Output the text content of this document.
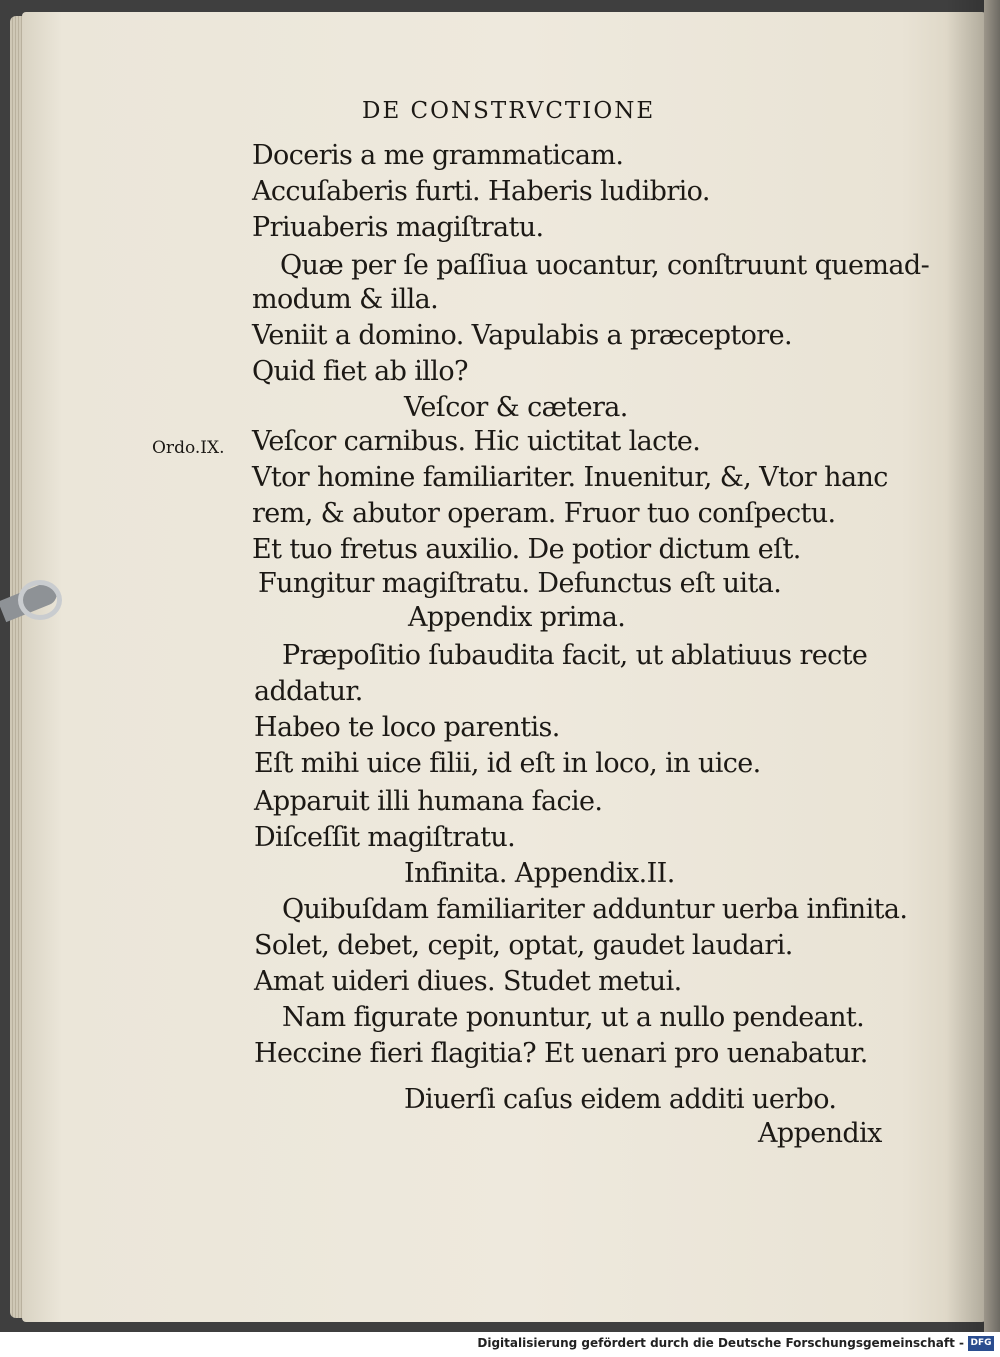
DE CONSTRVCTIONE
Doceris a me grammaticam.
Accuſaberis furti. Haberis ludibrio.
Priuaberis magiſtratu.
Quæ per ſe paſſiua uocantur, conſtruunt quemad-
modum & illa.
Veniit a domino. Vapulabis a præceptore.
Quid fiet ab illo?
Veſcor & cætera.
Ordo.IX. Veſcor carnibus. Hic uictitat lacte.
Vtor homine familiariter. Inuenitur, &, Vtor hanc
rem, & abutor operam. Fruor tuo conſpectu.
Et tuo fretus auxilio. De potior dictum eſt.
Fungitur magiſtratu. Defunctus eſt uita.
Appendix prima.
Præpoſitio ſubaudita facit, ut ablatiuus recte
addatur.
Habeo te loco parentis.
Eſt mihi uice filii, id eſt in loco, in uice.
Apparuit illi humana facie.
Diſceſſit magiſtratu.
Infinita. Appendix.II.
Quibuſdam familiariter adduntur uerba infinita.
Solet, debet, cepit, optat, gaudet laudari.
Amat uideri diues. Studet metui.
Nam figurate ponuntur, ut a nullo pendeant.
Heccine fieri flagitia? Et uenari pro uenabatur.
Diuerſi caſus eidem additi uerbo.
Appendix
Digitalisierung gefördert durch die Deutsche Forschungsgemeinschaft - DFG
